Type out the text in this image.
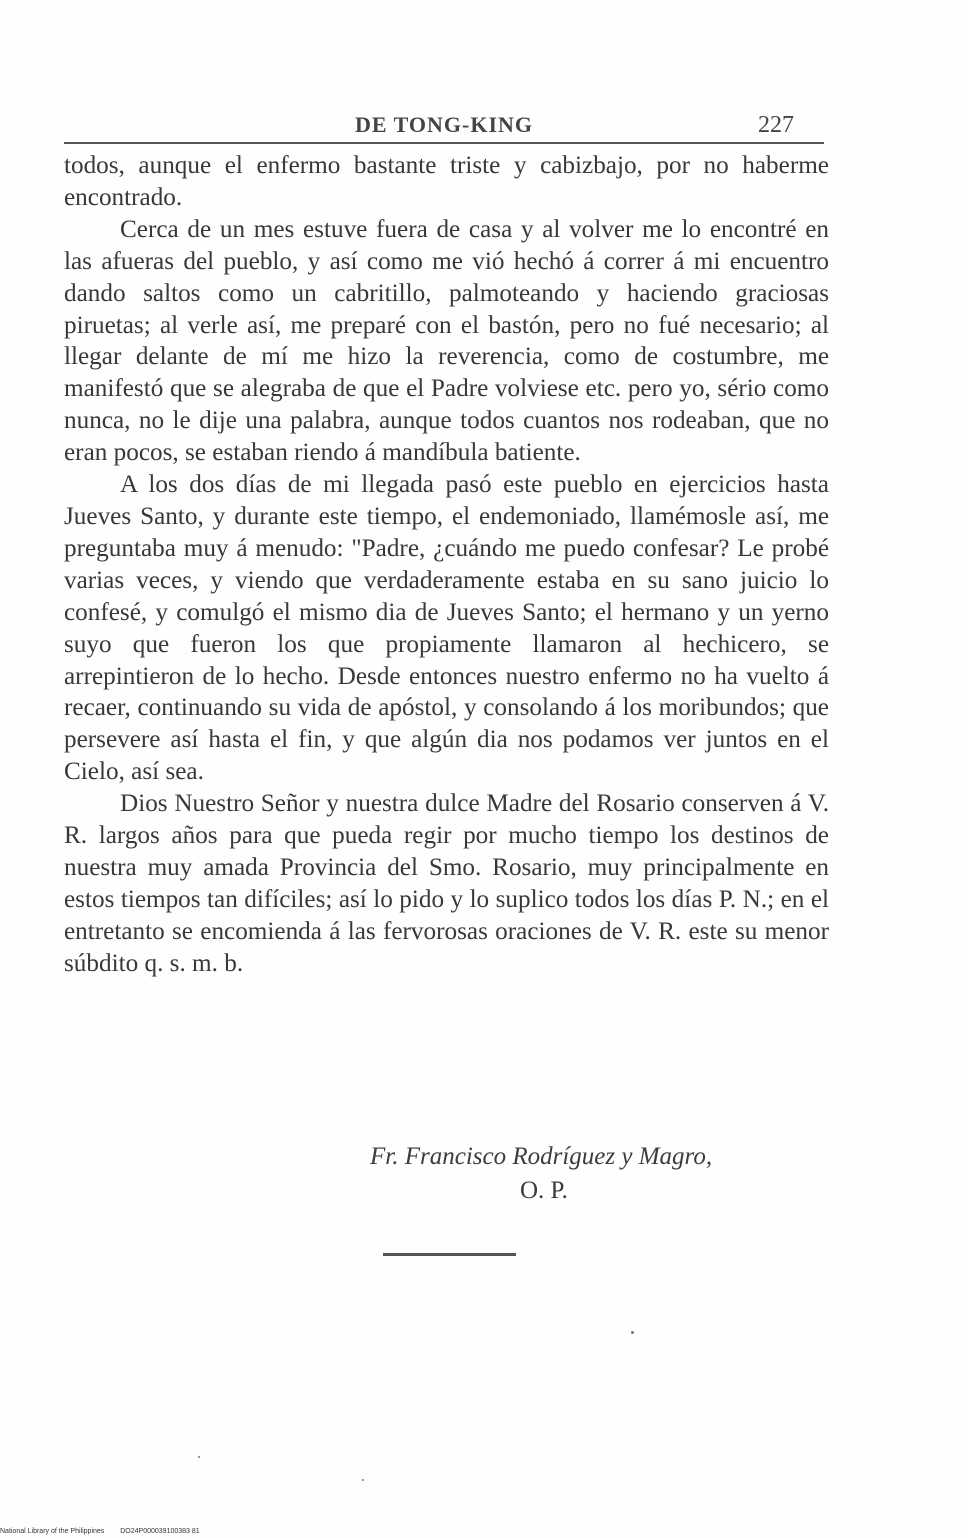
DE TONG-KING	227

todos, aunque el enfermo bastante triste y cabizbajo, por no haberme encontrado.

Cerca de un mes estuve fuera de casa y al volver me lo encontré en las afueras del pueblo, y así como me vió hechó á correr á mi encuentro dando saltos como un cabritillo, palmoteando y haciendo graciosas piruetas; al verle así, me preparé con el bastón, pero no fué necesario; al llegar delante de mí me hizo la reverencia, como de costumbre, me manifestó que se alegraba de que el Padre volviese etc. pero yo, sério como nunca, no le dije una palabra, aunque todos cuantos nos rodeaban, que no eran pocos, se estaban riendo á mandíbula batiente.

A los dos días de mi llegada pasó este pueblo en ejercicios hasta Jueves Santo, y durante este tiempo, el endemoniado, llamémosle así, me preguntaba muy á menudo: "Padre, ¿cuándo me puedo confesar? Le probé varias veces, y viendo que verdaderamente estaba en su sano juicio lo confesé, y comulgó el mismo dia de Jueves Santo; el hermano y un yerno suyo que fueron los que propiamente llamaron al hechicero, se arrepintieron de lo hecho. Desde entonces nuestro enfermo no ha vuelto á recaer, continuando su vida de apóstol, y consolando á los moribundos; que persevere así hasta el fin, y que algún dia nos podamos ver juntos en el Cielo, así sea.

Dios Nuestro Señor y nuestra dulce Madre del Rosario conserven á V. R. largos años para que pueda regir por mucho tiempo los destinos de nuestra muy amada Provincia del Smo. Rosario, muy principalmente en estos tiempos tan difíciles; así lo pido y lo suplico todos los días P. N.; en el entretanto se encomienda á las fervorosas oraciones de V. R. este su menor súbdito q. s. m. b.

Fr. Francisco Rodríguez y Magro,
O. P.
National Library of the Philippines DO24P000039100383 81
